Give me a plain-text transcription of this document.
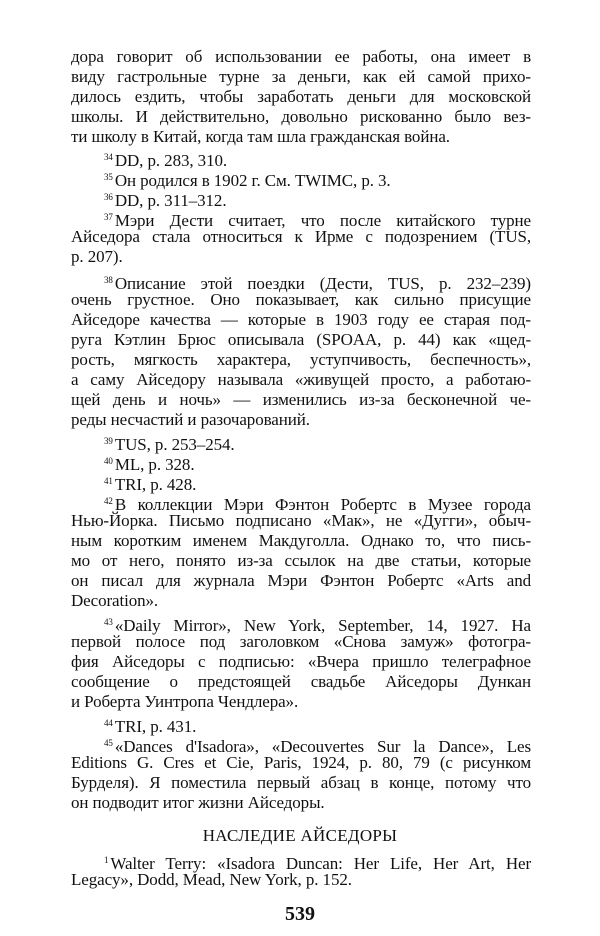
дора говорит об использовании ее работы, она имеет в
виду гастрольные турне за деньги, как ей самой прихо-
дилось ездить, чтобы заработать деньги для московской
школы. И действительно, довольно рискованно было вез-
ти школу в Китай, когда там шла гражданская война.
$^{34}$ DD, p. 283, 310.
$^{35}$ Он родился в 1902 г. См. TWIMC, p. 3.
$^{36}$ DD, p. 311–312.
$^{37}$ Мэри Дести считает, что после китайского турне
Айседора стала относиться к Ирме с подозрением (TUS,
p. 207).
$^{38}$ Описание этой поездки (Дести, TUS, p. 232–239)
очень грустное. Оно показывает, как сильно присущие
Айседоре качества — которые в 1903 году ее старая под-
руга Кэтлин Брюс описывала (SPOAA, p. 44) как «щед-
рость, мягкость характера, уступчивость, беспечность»,
а саму Айседору называла «живущей просто, а работаю-
щей день и ночь» — изменились из-за бесконечной че-
реды несчастий и разочарований.
$^{39}$ TUS, p. 253–254.
$^{40}$ ML, p. 328.
$^{41}$ TRI, p. 428.
$^{42}$ В коллекции Мэри Фэнтон Робертс в Музее города
Нью-Йорка. Письмо подписано «Мак», не «Дугги», обыч-
ным коротким именем Макдуголла. Однако то, что пись-
мо от него, понято из-за ссылок на две статьи, которые
он писал для журнала Мэри Фэнтон Робертс «Arts and
Decoration».
$^{43}$ «Daily Mirror», New York, September, 14, 1927. На
первой полосе под заголовком «Снова замуж» фотогра-
фия Айседоры с подписью: «Вчера пришло телеграфное
сообщение о предстоящей свадьбе Айседоры Дункан
и Роберта Уинтропа Чендлера».
$^{44}$ TRI, p. 431.
$^{45}$ «Dances d'Isadora», «Decouvertes Sur la Dance», Les
Editions G. Cres et Cie, Paris, 1924, p. 80, 79 (с рисунком
Бурделя). Я поместила первый абзац в конце, потому что
он подводит итог жизни Айседоры.
НАСЛЕДИЕ АЙСЕДОРЫ
$^1$ Walter Terry: «Isadora Duncan: Her Life, Her Art, Her
Legacy», Dodd, Mead, New York, p. 152.
539
